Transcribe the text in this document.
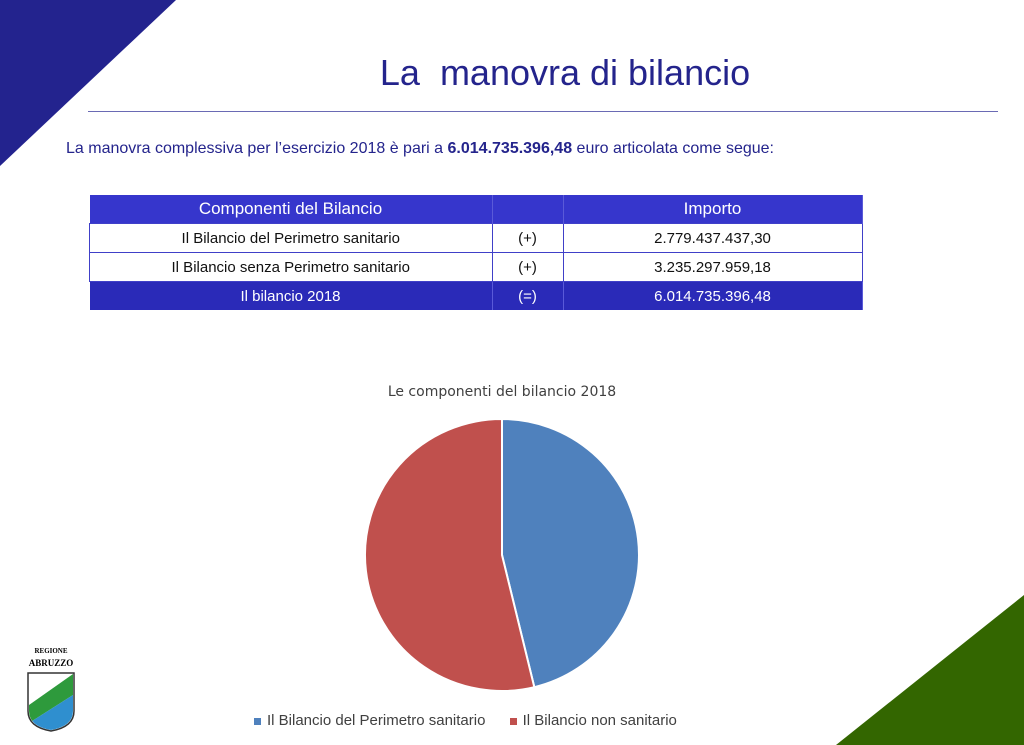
La  manovra di bilancio
La manovra complessiva per l’esercizio 2018 è pari a 6.014.735.396,48 euro articolata come segue:
Componenti del Bilancio		Importo
Il Bilancio del Perimetro sanitario	(+)	2.779.437.437,30
Il Bilancio senza Perimetro sanitario	(+)	3.235.297.959,18
Il bilancio 2018	(=)	6.014.735.396,48
Le componenti del bilancio 2018
Il Bilancio del Perimetro sanitario Il Bilancio non sanitario
REGIONE
ABRUZZO
